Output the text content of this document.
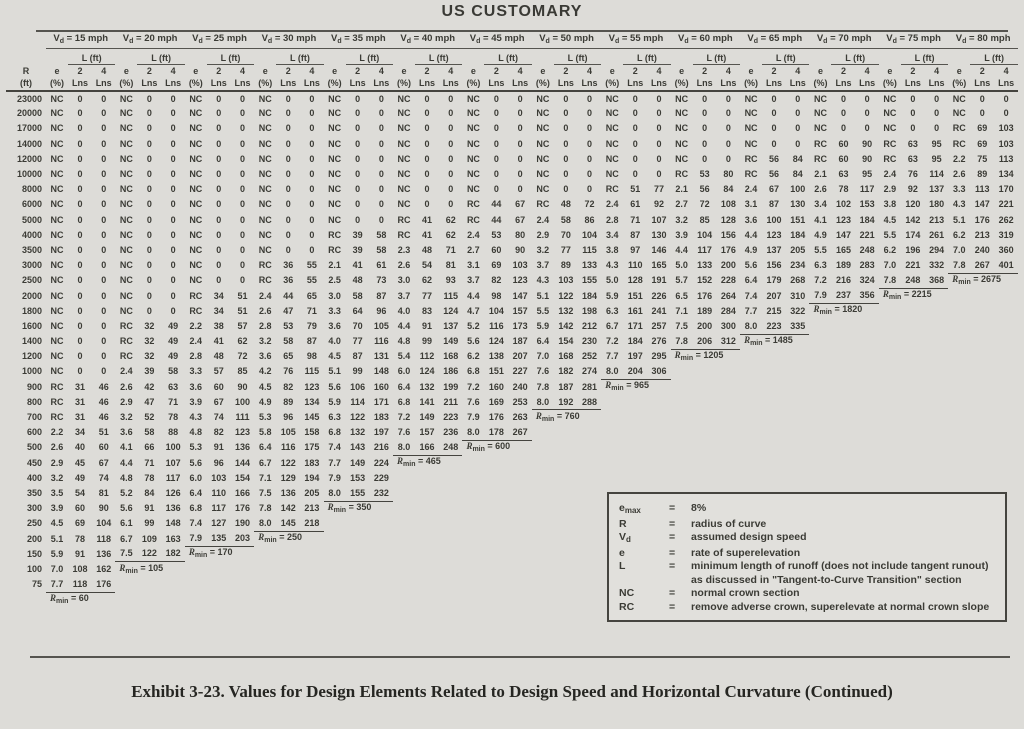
US CUSTOMARY
	$V_d = 15$ mph			$V_d = 20$ mph			$V_d = 25$ mph			$V_d = 30$ mph			$V_d = 35$ mph			$V_d = 40$ mph			$V_d = 45$ mph			$V_d = 50$ mph			$V_d = 55$ mph			$V_d = 60$ mph			$V_d = 65$ mph			$V_d = 70$ mph			$V_d = 75$ mph			$V_d = 80$ mph		
		L (ft)			L (ft)			L (ft)			L (ft)			L (ft)			L (ft)			L (ft)			L (ft)			L (ft)			L (ft)			L (ft)			L (ft)			L (ft)			L (ft)	
R	e	2	4	e	2	4	e	2	4	e	2	4	e	2	4	e	2	4	e	2	4	e	2	4	e	2	4	e	2	4	e	2	4	e	2	4	e	2	4	e	2	4
(ft)	(%)	Lns	Lns	(%)	Lns	Lns	(%)	Lns	Lns	(%)	Lns	Lns	(%)	Lns	Lns	(%)	Lns	Lns	(%)	Lns	Lns	(%)	Lns	Lns	(%)	Lns	Lns	(%)	Lns	Lns	(%)	Lns	Lns	(%)	Lns	Lns	(%)	Lns	Lns	(%)	Lns	Lns
23000	NC	0	0	NC	0	0	NC	0	0	NC	0	0	NC	0	0	NC	0	0	NC	0	0	NC	0	0	NC	0	0	NC	0	0	NC	0	0	NC	0	0	NC	0	0	NC	0	0
20000	NC	0	0	NC	0	0	NC	0	0	NC	0	0	NC	0	0	NC	0	0	NC	0	0	NC	0	0	NC	0	0	NC	0	0	NC	0	0	NC	0	0	NC	0	0	NC	0	0
17000	NC	0	0	NC	0	0	NC	0	0	NC	0	0	NC	0	0	NC	0	0	NC	0	0	NC	0	0	NC	0	0	NC	0	0	NC	0	0	NC	0	0	NC	0	0	RC	69	103
14000	NC	0	0	NC	0	0	NC	0	0	NC	0	0	NC	0	0	NC	0	0	NC	0	0	NC	0	0	NC	0	0	NC	0	0	NC	0	0	RC	60	90	RC	63	95	RC	69	103
12000	NC	0	0	NC	0	0	NC	0	0	NC	0	0	NC	0	0	NC	0	0	NC	0	0	NC	0	0	NC	0	0	NC	0	0	RC	56	84	RC	60	90	RC	63	95	2.2	75	113
10000	NC	0	0	NC	0	0	NC	0	0	NC	0	0	NC	0	0	NC	0	0	NC	0	0	NC	0	0	NC	0	0	RC	53	80	RC	56	84	2.1	63	95	2.4	76	114	2.6	89	134
8000	NC	0	0	NC	0	0	NC	0	0	NC	0	0	NC	0	0	NC	0	0	NC	0	0	NC	0	0	RC	51	77	2.1	56	84	2.4	67	100	2.6	78	117	2.9	92	137	3.3	113	170
6000	NC	0	0	NC	0	0	NC	0	0	NC	0	0	NC	0	0	NC	0	0	RC	44	67	RC	48	72	2.4	61	92	2.7	72	108	3.1	87	130	3.4	102	153	3.8	120	180	4.3	147	221
5000	NC	0	0	NC	0	0	NC	0	0	NC	0	0	NC	0	0	RC	41	62	RC	44	67	2.4	58	86	2.8	71	107	3.2	85	128	3.6	100	151	4.1	123	184	4.5	142	213	5.1	176	262
4000	NC	0	0	NC	0	0	NC	0	0	NC	0	0	RC	39	58	RC	41	62	2.4	53	80	2.9	70	104	3.4	87	130	3.9	104	156	4.4	123	184	4.9	147	221	5.5	174	261	6.2	213	319
3500	NC	0	0	NC	0	0	NC	0	0	NC	0	0	RC	39	58	2.3	48	71	2.7	60	90	3.2	77	115	3.8	97	146	4.4	117	176	4.9	137	205	5.5	165	248	6.2	196	294	7.0	240	360
3000	NC	0	0	NC	0	0	NC	0	0	RC	36	55	2.1	41	61	2.6	54	81	3.1	69	103	3.7	89	133	4.3	110	165	5.0	133	200	5.6	156	234	6.3	189	283	7.0	221	332	7.8	267	401
2500	NC	0	0	NC	0	0	NC	0	0	RC	36	55	2.5	48	73	3.0	62	93	3.7	82	123	4.3	103	155	5.0	128	191	5.7	152	228	6.4	179	268	7.2	216	324	7.8	248	368	$R_{min} = 2675$		
2000	NC	0	0	NC	0	0	RC	34	51	2.4	44	65	3.0	58	87	3.7	77	115	4.4	98	147	5.1	122	184	5.9	151	226	6.5	176	264	7.4	207	310	7.9	237	356	$R_{min} = 2215$					
1800	NC	0	0	NC	0	0	RC	34	51	2.6	47	71	3.3	64	96	4.0	83	124	4.7	104	157	5.5	132	198	6.3	161	241	7.1	189	284	7.7	215	322	$R_{min} = 1820$								
1600	NC	0	0	RC	32	49	2.2	38	57	2.8	53	79	3.6	70	105	4.4	91	137	5.2	116	173	5.9	142	212	6.7	171	257	7.5	200	300	8.0	223	335									
1400	NC	0	0	RC	32	49	2.4	41	62	3.2	58	87	4.0	77	116	4.8	99	149	5.6	124	187	6.4	154	230	7.2	184	276	7.8	206	312	$R_{min} = 1485$											
1200	NC	0	0	RC	32	49	2.8	48	72	3.6	65	98	4.5	87	131	5.4	112	168	6.2	138	207	7.0	168	252	7.7	197	295	$R_{min} = 1205$														
1000	NC	0	0	2.4	39	58	3.3	57	85	4.2	76	115	5.1	99	148	6.0	124	186	6.8	151	227	7.6	182	274	8.0	204	306															
900	RC	31	46	2.6	42	63	3.6	60	90	4.5	82	123	5.6	106	160	6.4	132	199	7.2	160	240	7.8	187	281	$R_{min} = 965$																	
800	RC	31	46	2.9	47	71	3.9	67	100	4.9	89	134	5.9	114	171	6.8	141	211	7.6	169	253	8.0	192	288																		
700	RC	31	46	3.2	52	78	4.3	74	111	5.3	96	145	6.3	122	183	7.2	149	223	7.9	176	263	$R_{min} = 760$																				
600	2.2	34	51	3.6	58	88	4.8	82	123	5.8	105	158	6.8	132	197	7.6	157	236	8.0	178	267																					
500	2.6	40	60	4.1	66	100	5.3	91	136	6.4	116	175	7.4	143	216	8.0	166	248	$R_{min} = 600$																							
450	2.9	45	67	4.4	71	107	5.6	96	144	6.7	122	183	7.7	149	224	$R_{min} = 465$																										
400	3.2	49	74	4.8	78	117	6.0	103	154	7.1	129	194	7.9	153	229																											
350	3.5	54	81	5.2	84	126	6.4	110	166	7.5	136	205	8.0	155	232																											
300	3.9	60	90	5.6	91	136	6.8	117	176	7.8	142	213	$R_{min} = 350$																													
250	4.5	69	104	6.1	99	148	7.4	127	190	8.0	145	218																														
200	5.1	78	118	6.7	109	163	7.9	135	203	$R_{min} = 250$																																
150	5.9	91	136	7.5	122	182	$R_{min} = 170$																																			
100	7.0	108	162	$R_{min} = 105$																																						
75	7.7	118	176																																							
	$R_{min} = 60$																																									
$e_{max}$	=	8%
R	=	radius of curve
$V_d$	=	assumed design speed
e	=	rate of superelevation
L	=	minimum length of runoff (does not include tangent runout) as discussed in "Tangent-to-Curve Transition" section
NC	=	normal crown section
RC	=	remove adverse crown, superelevate at normal crown slope
Exhibit 3-23. Values for Design Elements Related to Design Speed and Horizontal Curvature (Continued)
